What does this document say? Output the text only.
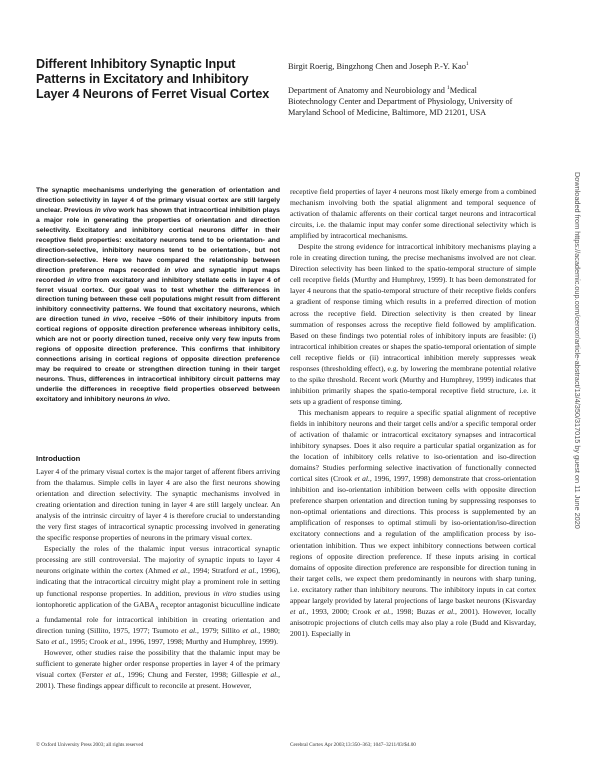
Different Inhibitory Synaptic Input Patterns in Excitatory and Inhibitory Layer 4 Neurons of Ferret Visual Cortex
Birgit Roerig, Bingzhong Chen and Joseph P.-Y. Kao$^1$
Department of Anatomy and Neurobiology and $^1$Medical Biotechnology Center and Department of Physiology, University of Maryland School of Medicine, Baltimore, MD 21201, USA
The synaptic mechanisms underlying the generation of orientation and direction selectivity in layer 4 of the primary visual cortex are still largely unclear. Previous in vivo work has shown that intracortical inhibition plays a major role in generating the properties of orientation and direction selectivity. Excitatory and inhibitory cortical neurons differ in their receptive field properties: excitatory neurons tend to be orientation- and direction-selective, inhibitory neurons tend to be orientation-, but not direction-selective. Here we have compared the relationship between direction preference maps recorded in vivo and synaptic input maps recorded in vitro from excitatory and inhibitory stellate cells in layer 4 of ferret visual cortex. Our goal was to test whether the differences in direction tuning between these cell populations might result from different inhibitory connectivity patterns. We found that excitatory neurons, which are direction tuned in vivo, receive ~50% of their inhibitory inputs from cortical regions of opposite direction preference whereas inhibitory cells, which are not or poorly direction tuned, receive only very few inputs from regions of opposite direction preference. This confirms that inhibitory connections arising in cortical regions of opposite direction preference may be required to create or strengthen direction tuning in their target neurons. Thus, differences in intracortical inhibitory circuit patterns may underlie the differences in receptive field properties observed between excitatory and inhibitory neurons in vivo.
Introduction

Layer 4 of the primary visual cortex is the major target of afferent fibers arriving from the thalamus. Simple cells in layer 4 are also the first neurons showing orientation and direction selectivity. The synaptic mechanisms involved in creating orientation and direction tuning in layer 4 are still largely unclear. An analysis of the intrinsic circuitry of layer 4 is therefore crucial to understanding the very first stages of intracortical synaptic processing involved in generating the specific response properties of neurons in the primary visual cortex.

Especially the roles of the thalamic input versus intracortical synaptic processing are still controversial. The majority of synaptic inputs to layer 4 neurons originate within the cortex (Ahmed et al., 1994; Stratford et al., 1996), indicating that the intracortical circuitry might play a prominent role in setting up functional response properties. In addition, previous in vitro studies using iontophoretic application of the $GABA_A$ receptor antagonist bicuculline indicate a fundamental role for intracortical inhibition in creating orientation and direction tuning (Sillito, 1975, 1977; Tsumoto et al., 1979; Sillito et al., 1980; Sato et al., 1995; Crook et al., 1996, 1997, 1998; Murthy and Humphrey, 1999).

However, other studies raise the possibility that the thalamic input may be sufficient to generate higher order response properties in layer 4 of the primary visual cortex (Ferster et al., 1996; Chung and Ferster, 1998; Gillespie et al., 2001). These findings appear difficult to reconcile at present. However,

receptive field properties of layer 4 neurons most likely emerge from a combined mechanism involving both the spatial alignment and temporal sequence of activation of thalamic afferents on their cortical target neurons and intracortical circuits, i.e. the thalamic input may confer some directional selectivity which is amplified by intracortical mechanisms.

Despite the strong evidence for intracortical inhibitory mechanisms playing a role in creating direction tuning, the precise mechanisms involved are not clear. Direction selectivity has been linked to the spatio-temporal structure of simple cell receptive fields (Murthy and Humphrey, 1999). It has been demonstrated for layer 4 neurons that the spatio-temporal structure of their receptive fields confers a gradient of response timing which results in a preferred direction of motion across the receptive field. Direction selectivity is then created by linear summation of responses across the receptive field followed by amplification. Based on these findings two potential roles of inhibitory inputs are feasible: (i) intracortical inhibition creates or shapes the spatio-temporal orientation of simple cell receptive fields or (ii) intracortical inhibition merely suppresses weak responses (thresholding effect), e.g. by lowering the membrane potential relative to the spike threshold. Recent work (Murthy and Humphrey, 1999) indicates that inhibition primarily shapes the spatio-temporal receptive field structure, i.e. it sets up a gradient of response timing.

This mechanism appears to require a specific spatial alignment of receptive fields in inhibitory neurons and their target cells and/or a specific temporal order of activation of thalamic or intracortical excitatory synapses and intracortical inhibitory synapses. Does it also require a particular spatial organization as for the location of inhibitory cells relative to iso-orientation and iso-direction domains? Studies performing selective inactivation of functionally connected cortical sites (Crook et al., 1996, 1997, 1998) demonstrate that cross-orientation inhibition and iso-orientation inhibition between cells with opposite direction preference sharpen orientation and direction tuning by suppressing responses to non-optimal orientations and directions. This process is supplemented by an amplification of responses to optimal stimuli by iso-orientation/iso-direction excitatory connections and a regulation of the amplification process by iso-orientation inhibition. Thus we expect inhibitory connections between cortical regions of opposite direction preference. If these inputs arising in cortical domains of opposite direction preference are responsible for direction tuning in their target cells, we expect them predominantly in neurons with sharp tuning, i.e. excitatory rather than inhibitory neurons. The inhibitory inputs in cat cortex appear largely provided by lateral projections of large basket neurons (Kisvarday et al., 1993, 2000; Crook et al., 1998; Buzas et al., 2001). However, locally anisotropic projections of clutch cells may also play a role (Budd and Kisvarday, 2001). Especially in

© Oxford University Press 2003; all rights reserved	Cerebral Cortex Apr 2003;13:350–363; 1047–3211/03/$4.00
Downloaded from https://academic.oup.com/cercor/article-abstract/13/4/350/317015 by guest on 11 June 2020
